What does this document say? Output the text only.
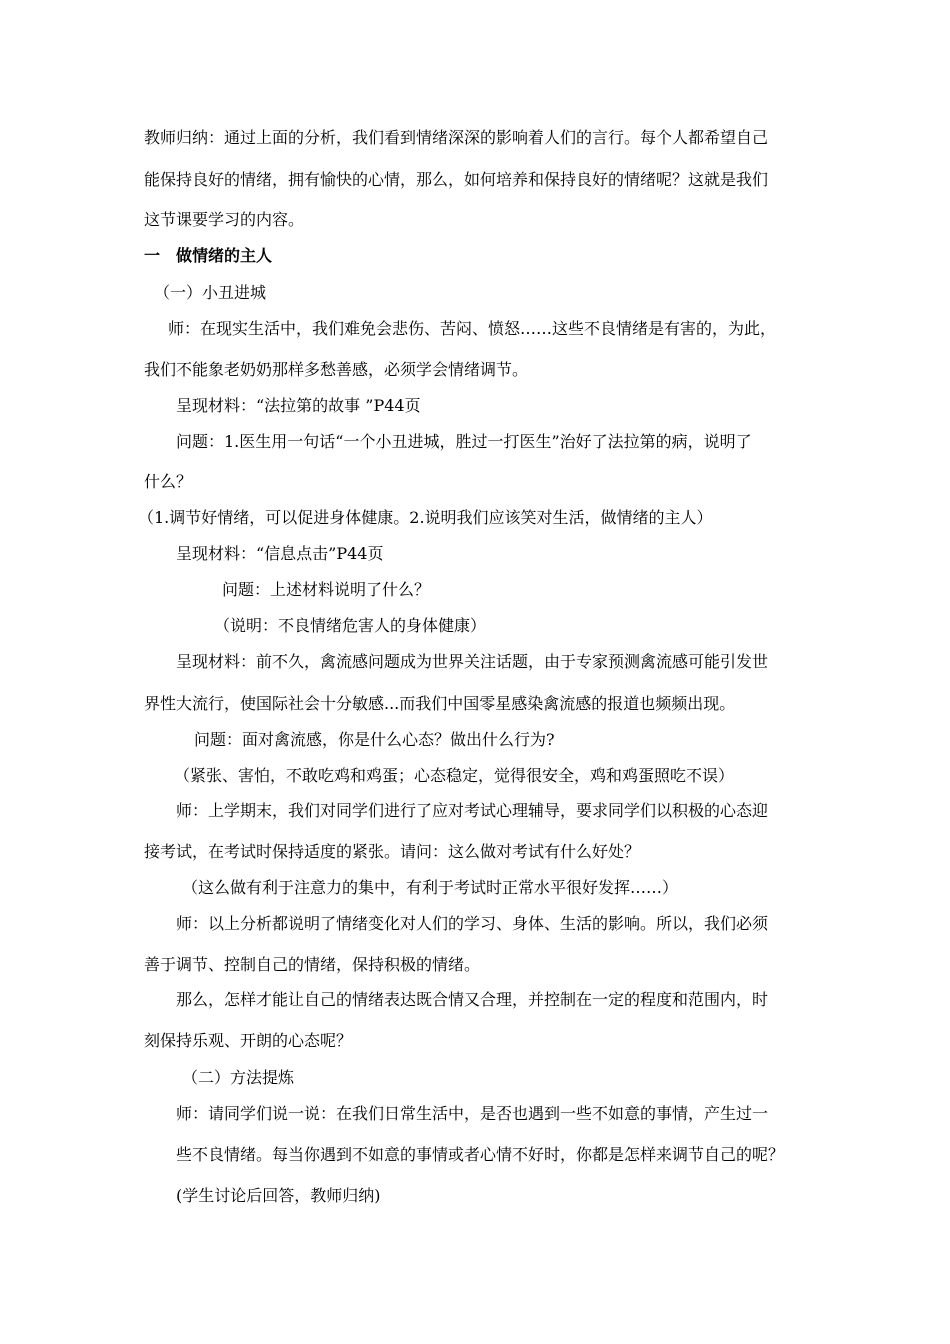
教师归纳：通过上面的分析，我们看到情绪深深的影响着人们的言行。每个人都希望自己
能保持良好的情绪，拥有愉快的心情，那么，如何培养和保持良好的情绪呢？这就是我们
这节课要学习的内容。
一　做情绪的主人
（一）小丑进城
师：在现实生活中，我们难免会悲伤、苦闷、愤怒……这些不良情绪是有害的，为此，
我们不能象老奶奶那样多愁善感，必须学会情绪调节。
呈现材料：“法拉第的故事 ”P44页
问题：1.医生用一句话“一个小丑进城，胜过一打医生”治好了法拉第的病，说明了
什么？
（1.调节好情绪，可以促进身体健康。2.说明我们应该笑对生活，做情绪的主人）
呈现材料：“信息点击”P44页
问题：上述材料说明了什么？
（说明：不良情绪危害人的身体健康）
呈现材料：前不久，禽流感问题成为世界关注话题，由于专家预测禽流感可能引发世
界性大流行，使国际社会十分敏感...而我们中国零星感染禽流感的报道也频频出现。
问题：面对禽流感，你是什么心态？做出什么行为?
（紧张、害怕，不敢吃鸡和鸡蛋；心态稳定，觉得很安全，鸡和鸡蛋照吃不误）
师：上学期末，我们对同学们进行了应对考试心理辅导，要求同学们以积极的心态迎
接考试，在考试时保持适度的紧张。请问：这么做对考试有什么好处？
（这么做有利于注意力的集中，有利于考试时正常水平很好发挥……）
师：以上分析都说明了情绪变化对人们的学习、身体、生活的影响。所以，我们必须
善于调节、控制自己的情绪，保持积极的情绪。
那么，怎样才能让自己的情绪表达既合情又合理，并控制在一定的程度和范围内，时
刻保持乐观、开朗的心态呢？
（二）方法提炼
师：请同学们说一说：在我们日常生活中，是否也遇到一些不如意的事情，产生过一
些不良情绪。每当你遇到不如意的事情或者心情不好时，你都是怎样来调节自己的呢？
(学生讨论后回答，教师归纳)
